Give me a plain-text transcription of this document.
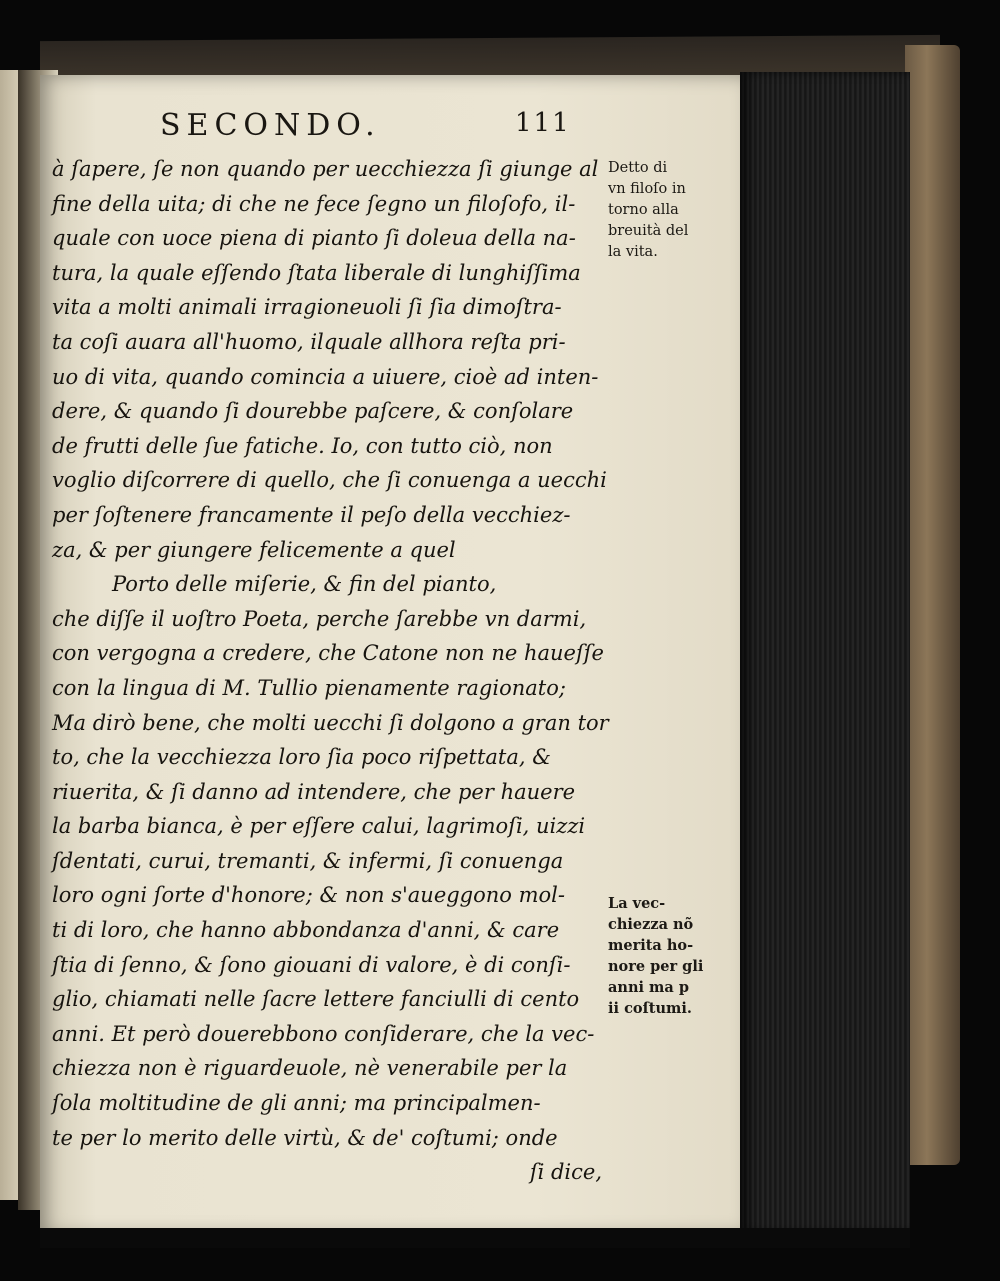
SECONDO.	111
à ſapere, ſe non quando per uecchiezza ſi giunge al
fine della uita; di che ne fece ſegno un filoſofo, il-
quale con uoce piena di pianto ſi doleua della na-
tura, la quale eſſendo ſtata liberale di lunghiſſima
vita a molti animali irragioneuoli ſi ſia dimoſtra-
ta coſi auara all'huomo, ilquale allhora reſta pri-
uo di vita, quando comincia a uiuere, cioè ad inten-
dere, & quando ſi dourebbe paſcere, & conſolare
de frutti delle ſue fatiche. Io, con tutto ciò, non
voglio diſcorrere di quello, che ſi conuenga a uecchi
per ſoſtenere francamente il peſo della vecchiez-
za, & per giungere felicemente a quel
Porto delle miſerie, & fin del pianto,
che diſſe il uoſtro Poeta, perche ſarebbe vn darmi,
con vergogna a credere, che Catone non ne haueſſe
con la lingua di M. Tullio pienamente ragionato;
Ma dirò bene, che molti uecchi ſi dolgono a gran tor
to, che la vecchiezza loro ſia poco riſpettata, &
riuerita, & ſi danno ad intendere, che per hauere
la barba bianca, è per eſſere calui, lagrimoſi, uizzi
ſdentati, curui, tremanti, & infermi, ſi conuenga
loro ogni ſorte d'honore; & non s'aueggono mol-
ti di loro, che hanno abbondanza d'anni, & care
ſtia di ſenno, & ſono giouani di valore, è di conſi-
glio, chiamati nelle ſacre lettere fanciulli di cento
anni. Et però douerebbono conſiderare, che la vec-
chiezza non è riguardeuole, nè venerabile per la
ſola moltitudine de gli anni; ma principalmen-
te per lo merito delle virtù, & de' coſtumi; onde
ſi dice,
Detto di
vn filoſo in
torno alla
breuità del
la vita.
La vec-
chiezza nõ
merita ho-
nore per gli
anni ma p
ii coſtumi.
